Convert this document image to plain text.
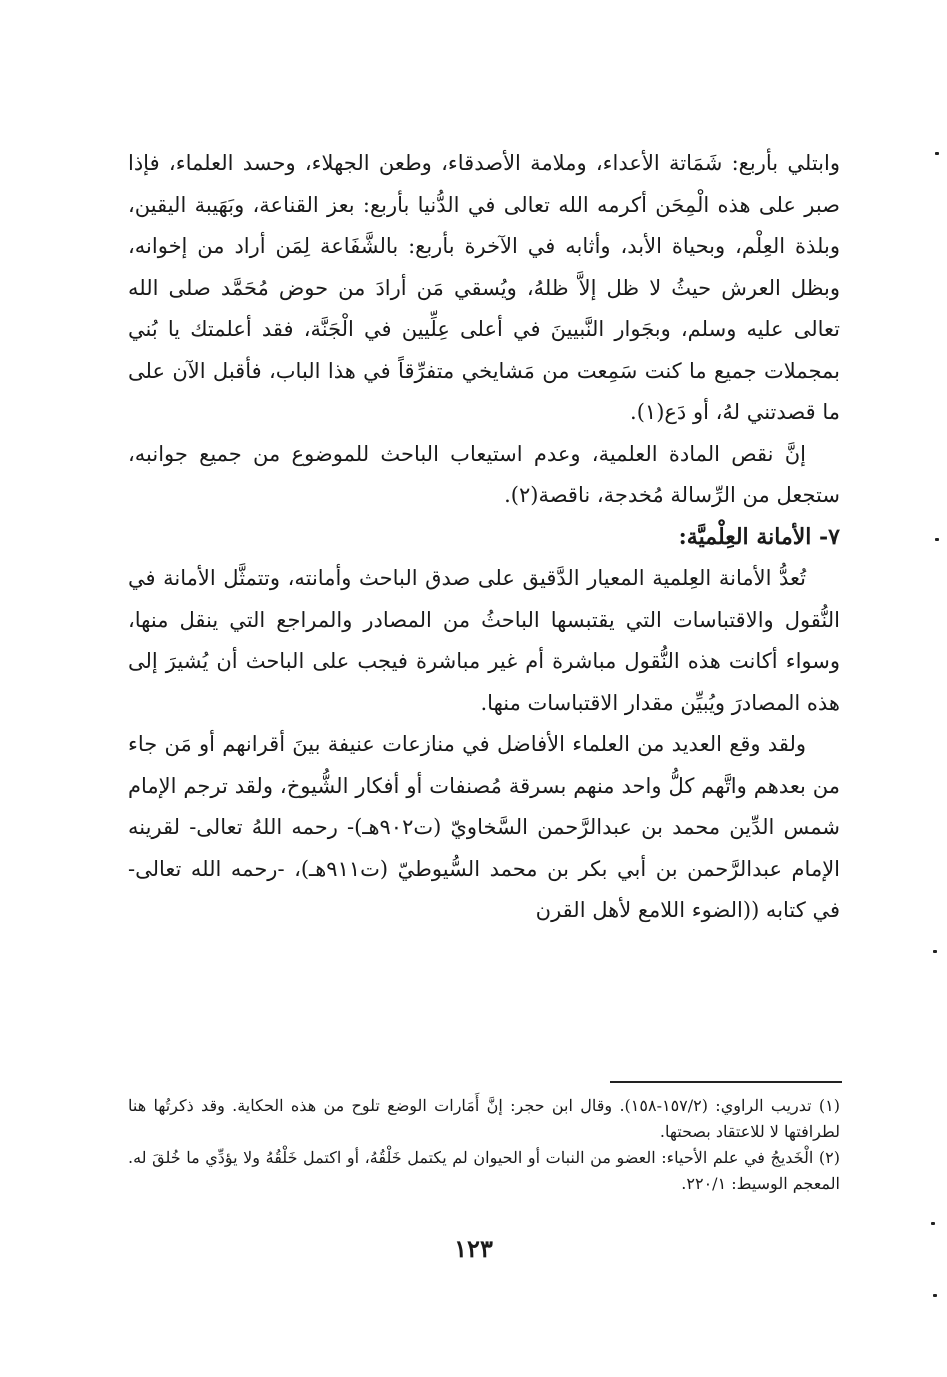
وابتلي بأربع: شَمَاتة الأعداء، وملامة الأصدقاء، وطعن الجهلاء، وحسد العلماء، فإذا صبر على هذه الْمِحَن أكرمه الله تعالى في الدُّنيا بأربع: بعز القناعة، وبَهَيبة اليقين، وبلذة العِلْم، وبحياة الأبد، وأثابه في الآخرة بأربع: بالشَّفَاعة لِمَن أراد من إخوانه، وبظل العرش حيثُ لا ظل إلاَّ ظلهُ، ويُسقي مَن أرادَ من حوض مُحَمَّد صلى الله تعالى عليه وسلم، وبجَوار النَّبيينَ في أعلى عِلِّيين في الْجَنَّة، فقد أعلمتك يا بُني بمجملات جميع ما كنت سَمِعت من مَشايخي متفرِّقاً في هذا الباب، فأقبل الآن على ما قصدتني لهُ، أو دَع(١).

إنَّ نقص المادة العلمية، وعدم استيعاب الباحث للموضوع من جميع جوانبه، ستجعل من الرِّسالة مُخدجة، ناقصة(٢).

٧- الأمانة العِلْميَّة:

تُعدُّ الأمانة العِلمية المعيار الدَّقيق على صدق الباحث وأمانته، وتتمثَّل الأمانة في النُّقول والاقتباسات التي يقتبسها الباحثُ من المصادر والمراجع التي ينقل منها، وسواء أكانت هذه النُّقول مباشرة أم غير مباشرة فيجب على الباحث أن يُشيرَ إلى هذه المصادرَ ويُبيِّن مقدار الاقتباسات منها.

ولقد وقع العديد من العلماء الأفاضل في منازعات عنيفة بينَ أقرانهم أو مَن جاء من بعدهم واتَّهم كلُّ واحد منهم بسرقة مُصنفات أو أفكار الشُّيوخ، ولقد ترجم الإمام شمس الدِّين محمد بن عبدالرَّحمن السَّخاويّ (ت٩٠٢هـ)- رحمه اللهُ تعالى- لقرينه الإمام عبدالرَّحمن بن أبي بكر بن محمد السُّيوطيّ (ت٩١١هـ)، -رحمه الله تعالى- في كتابه ((الضوء اللامع لأهل القرن

(١) تدريب الراوي: (١٥٧/٢-١٥٨). وقال ابن حجر: إنَّ أَمَارات الوضع تلوح من هذه الحكاية. وقد ذكرتُها هنا لطرافتها لا للاعتقاد بصحتها.

(٢) الْخَديجُ في علم الأحياء: العضو من النبات أو الحيوان لم يكتمل خَلْقُهُ، أو اكتمل خَلْقُهُ ولا يؤدِّي ما خُلقَ له. المعجم الوسيط: ٢٢٠/١.

١٢٣
